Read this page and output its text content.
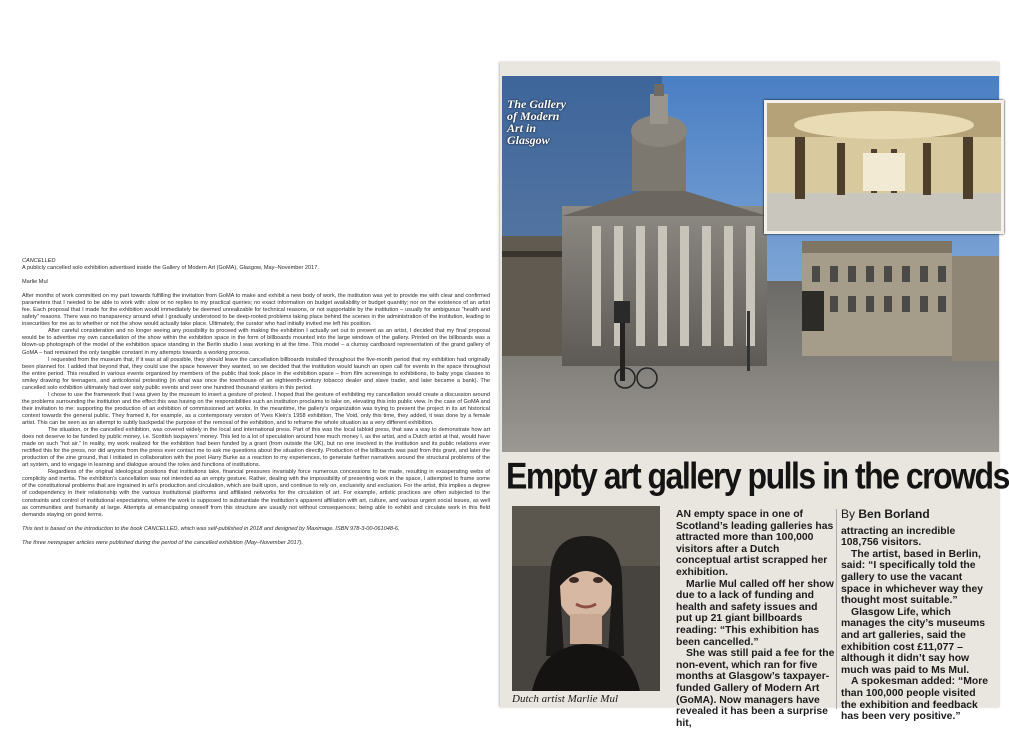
CANCELLED

A publicly cancelled solo exhibition advertised inside the Gallery of Modern Art (GoMA), Glasgow, May–November 2017.

Marlie Mul

After months of work committed on my part towards fulfilling the invitation from GoMA to make and exhibit a new body of work, the institution was yet to provide me with clear and confirmed parameters that I needed to be able to work with: slow or no replies to my practical queries; no exact information on budget availability or budget quantity; nor on the existence of an artist fee. Each proposal that I made for the exhibition would immediately be deemed unrealizable for technical reasons, or not supportable by the institution – usually for ambiguous “health and safety” reasons. There was no transparency around what I gradually understood to be deep-rooted problems taking place behind the scenes in the administration of the institution, leading to insecurities for me as to whether or not the show would actually take place. Ultimately, the curator who had initially invited me left his position.

After careful consideration and no longer seeing any possibility to proceed with making the exhibition I actually set out to present as an artist, I decided that my final proposal would be to advertise my own cancellation of the show within the exhibition space in the form of billboards mounted into the large windows of the gallery. Printed on the billboards was a blown-up photograph of the model of the exhibition space standing in the Berlin studio I was working in at the time. This model – a clumsy cardboard representation of the grand gallery of GoMA – had remained the only tangible constant in my attempts towards a working process.

I requested from the museum that, if it was at all possible, they should leave the cancellation billboards installed throughout the five-month period that my exhibition had originally been planned for. I added that beyond that, they could use the space however they wanted, so we decided that the institution would launch an open call for events in the space throughout the entire period. This resulted in various events organized by members of the public that took place in the exhibition space – from film screenings to exhibitions, to baby yoga classes to smiley drawing for teenagers, and anticolonial protesting (in what was once the townhouse of an eighteenth-century tobacco dealer and slave trader, and later became a bank). The cancelled solo exhibition ultimately had over sixty public events and over one hundred thousand visitors in this period.

I chose to use the framework that I was given by the museum to insert a gesture of protest. I hoped that the gesture of exhibiting my cancellation would create a discussion around the problems surrounding the institution and the effect this was having on the responsibilities such an institution proclaims to take on, elevating this into public view. In the case of GoMA and their invitation to me: supporting the production of an exhibition of commissioned art works. In the meantime, the gallery’s organization was trying to present the project in its art historical context towards the general public. They framed it, for example, as a contemporary version of Yves Klein’s 1958 exhibition, The Void, only this time, they added, it was done by a female artist. This can be seen as an attempt to subtly backpedal the purpose of the removal of the exhibition, and to reframe the whole situation as a very different exhibition.

The situation, or the cancelled exhibition, was covered widely in the local and international press. Part of this was the local tabloid press, that saw a way to demonstrate how art does not deserve to be funded by public money, i.e. Scottish taxpayers’ money. This led to a lot of speculation around how much money I, as the artist, and a Dutch artist at that, would have made on such “hot air.” In reality, my work realized for the exhibition had been funded by a grant (from outside the UK), but no one involved in the institution and its public relations ever rectified this for the press, nor did anyone from the press ever contact me to ask me questions about the situation directly. Production of the billboards was paid from this grant, and later the production of the zine ground, that I initiated in collaboration with the poet Harry Burke as a reaction to my experiences, to generate further narratives around the structural problems of the art system, and to engage in learning and dialogue around the roles and functions of institutions.

Regardless of the original ideological positions that institutions take, financial pressures invariably force numerous concessions to be made, resulting in exasperating webs of complicity and inertia. The exhibition’s cancellation was not intended as an empty gesture. Rather, dealing with the impossibility of presenting work in the space, I attempted to frame some of the constitutional problems that are ingrained in art’s production and circulation, which are built upon, and continue to rely on, exclusivity and exclusion. For the artist, this implies a degree of codependency in their relationship with the various institutional platforms and affiliated networks for the circulation of art. For example, artistic practices are often subjected to the constraints and control of institutional expectations, where the work is supposed to substantiate the institution’s apparent affiliation with art, culture, and various urgent social issues, as well as communities and humanity at large. Attempts at emancipating oneself from this structure are usually not without consequences; being able to exhibit and circulate work in this field demands staying on good terms.

This text is based on the introduction to the book CANCELLED, which was self-published in 2018 and designed by Maximage. ISBN 978-3-00-061048-6.

The three newspaper articles were published during the period of the cancelled exhibition (May–November 2017).

The Gallery
of Modern
Art in
Glasgow
Empty art gallery pulls in the crowds
Dutch artist Marlie Mul

AN empty space in one of Scotland’s leading galleries has attracted more than 100,000 visitors after a Dutch conceptual artist scrapped her exhibition.

Marlie Mul called off her show due to a lack of funding and health and safety issues and put up 21 giant billboards reading: “This exhibition has been cancelled.”

She was still paid a fee for the non-event, which ran for five months at Glasgow’s taxpayer-funded Gallery of Modern Art (GoMA). Now managers have revealed it has been a surprise hit,

By Ben Borland

attracting an incredible 108,756 visitors.

The artist, based in Berlin, said: “I specifically told the gallery to use the vacant space in whichever way they thought most suitable.”

Glasgow Life, which manages the city’s museums and art galleries, said the exhibition cost £11,077 – although it didn’t say how much was paid to Ms Mul.

A spokesman added: “More than 100,000 people visited the exhibition and feedback has been very positive.”
